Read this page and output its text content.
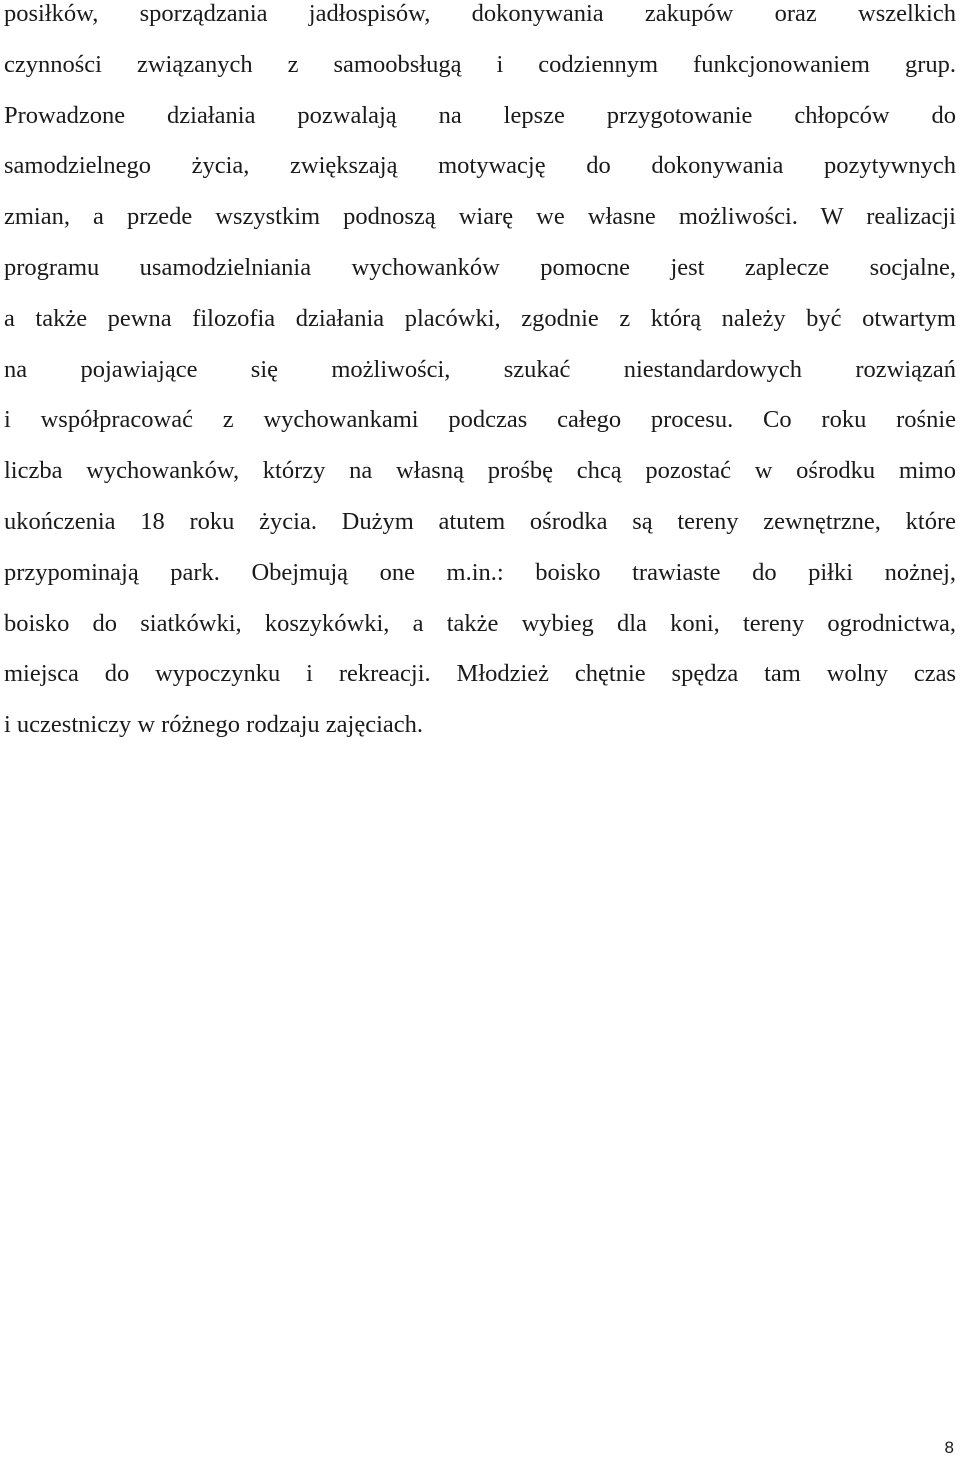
posiłków, sporządzania jadłospisów, dokonywania zakupów oraz wszelkich
czynności związanych z samoobsługą i codziennym funkcjonowaniem grup.
Prowadzone działania pozwalają na lepsze przygotowanie chłopców do
samodzielnego życia, zwiększają motywację do dokonywania pozytywnych
zmian, a przede wszystkim podnoszą wiarę we własne możliwości. W realizacji
programu usamodzielniania wychowanków pomocne jest zaplecze socjalne,
a także pewna filozofia działania placówki, zgodnie z którą należy być otwartym
na pojawiające się możliwości, szukać niestandardowych rozwiązań
i współpracować z wychowankami podczas całego procesu. Co roku rośnie
liczba wychowanków, którzy na własną prośbę chcą pozostać w ośrodku mimo
ukończenia 18 roku życia. Dużym atutem ośrodka są tereny zewnętrzne, które
przypominają park. Obejmują one m.in.: boisko trawiaste do piłki nożnej,
boisko do siatkówki, koszykówki, a także wybieg dla koni, tereny ogrodnictwa,
miejsca do wypoczynku i rekreacji. Młodzież chętnie spędza tam wolny czas
i uczestniczy w różnego rodzaju zajęciach.
8
